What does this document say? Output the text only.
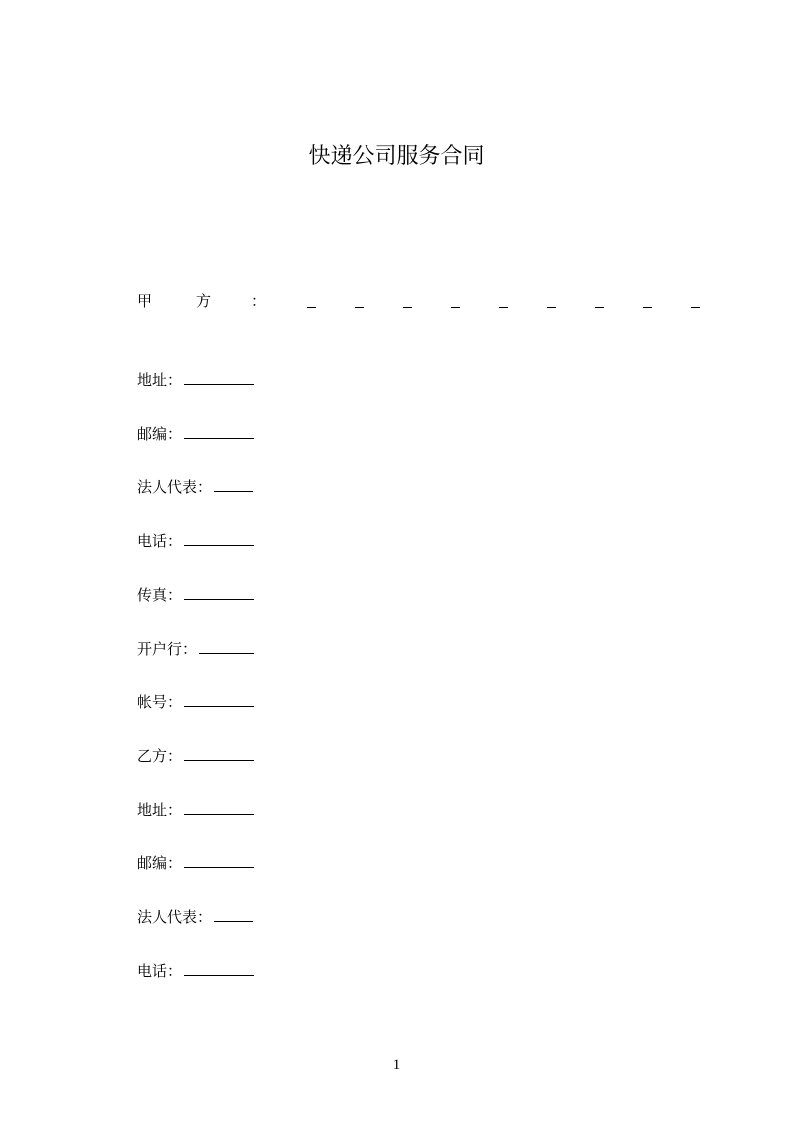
快递公司服务合同
甲	方	：
地址：
邮编：
法人代表：
电话：
传真：
开户行：
帐号：
乙方：
地址：
邮编：
法人代表：
电话：
1
